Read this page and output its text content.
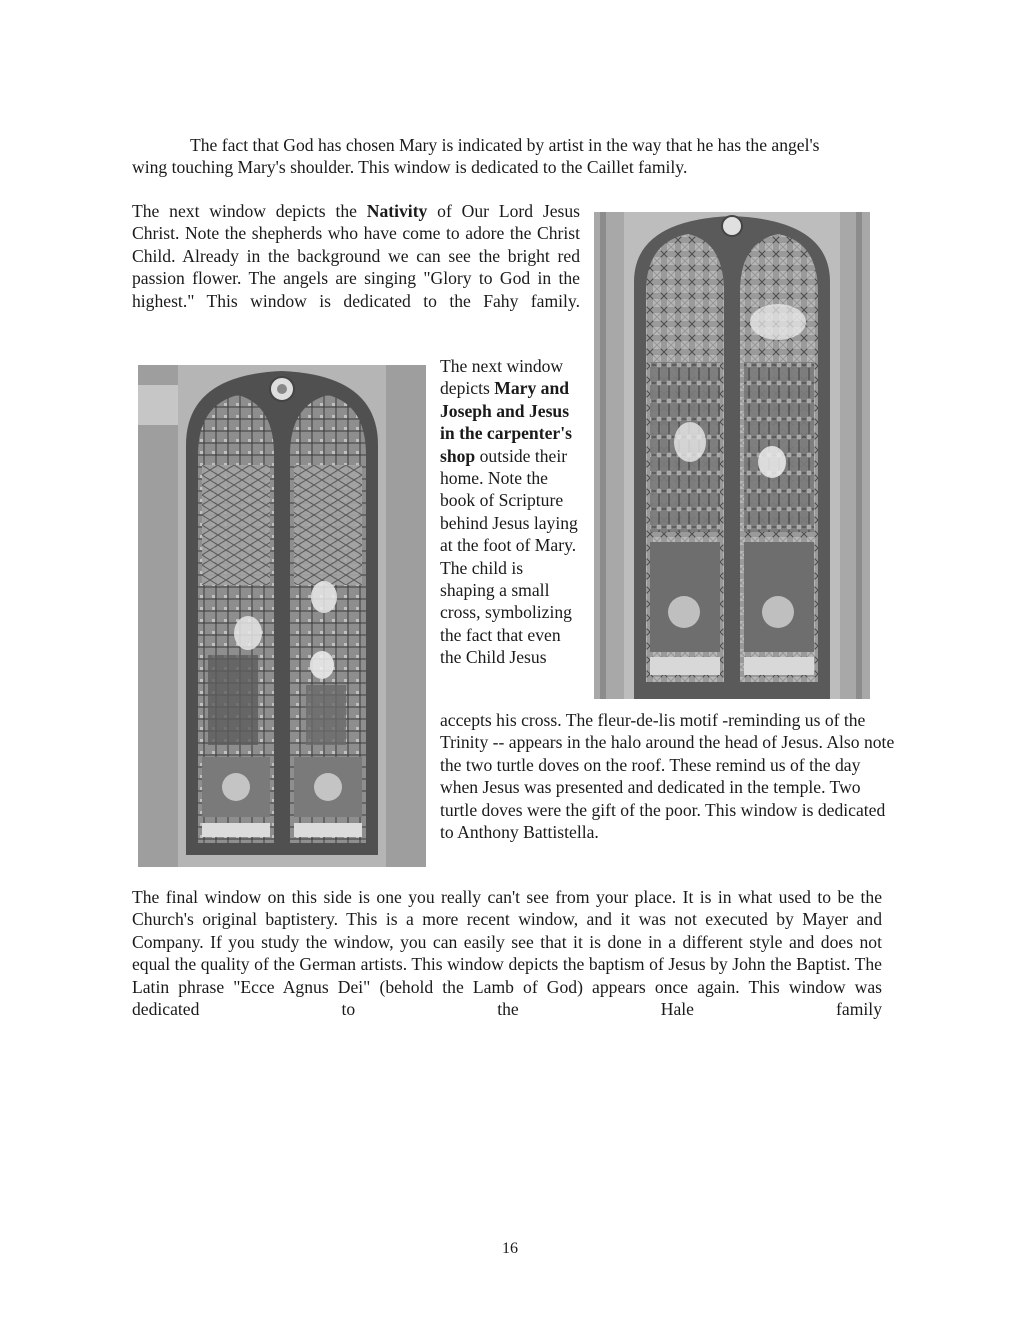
The fact that God has chosen Mary is indicated by artist in the way that he has the angel's
wing touching Mary's shoulder. This window is dedicated to the Caillet family.

The next window depicts the Nativity of Our Lord Jesus Christ. Note the shepherds who have come to adore the Christ Child. Already in the background we can see the bright red passion flower. The angels are singing "Glory to God in the highest." This window is dedicated to the Fahy family.

The next window depicts Mary and Joseph and Jesus in the carpenter's shop outside their home. Note the book of Scripture behind Jesus laying at the foot of Mary. The child is shaping a small cross, symbolizing the fact that even the Child Jesus

accepts his cross. The fleur-de-lis motif -reminding us of the Trinity -- appears in the halo around the head of Jesus. Also note the two turtle doves on the roof. These remind us of the day when Jesus was presented and dedicated in the temple. Two turtle doves were the gift of the poor. This window is dedicated to Anthony Battistella.

The final window on this side is one you really can't see from your place. It is in what used to be the Church's original baptistery. This is a more recent window, and it was not executed by Mayer and Company. If you study the window, you can easily see that it is done in a different style and does not equal the quality of the German artists. This window depicts the baptism of Jesus by John the Baptist. The Latin phrase "Ecce Agnus Dei" (behold the Lamb of God) appears once again. This window was dedicated to the Hale family

16
